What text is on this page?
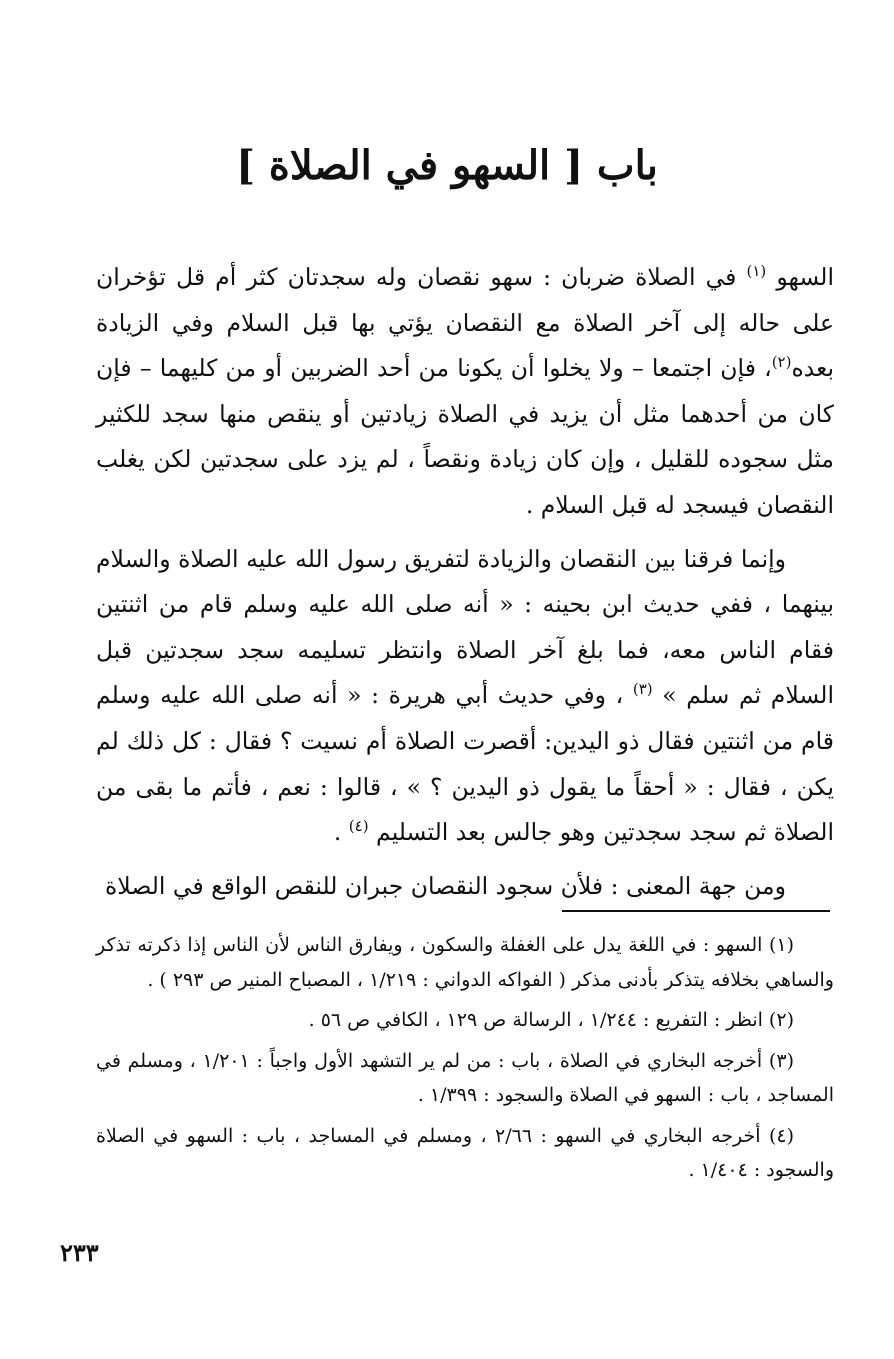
باب [ السهو في الصلاة ]

السهو $^{(١)}$ في الصلاة ضربان : سهو نقصان وله سجدتان كثر أم قل تؤخران على حاله إلى آخر الصلاة مع النقصان يؤتي بها قبل السلام وفي الزيادة بعده$^{(٢)}$، فإن اجتمعا – ولا يخلوا أن يكونا من أحد الضربين أو من كليهما – فإن كان من أحدهما مثل أن يزيد في الصلاة زيادتين أو ينقص منها سجد للكثير مثل سجوده للقليل ، وإن كان زيادة ونقصاً ، لم يزد على سجدتين لكن يغلب النقصان فيسجد له قبل السلام .

وإنما فرقنا بين النقصان والزيادة لتفريق رسول الله عليه الصلاة والسلام بينهما ، ففي حديث ابن بحينه : « أنه صلى الله عليه وسلم قام من اثنتين فقام الناس معه، فما بلغ آخر الصلاة وانتظر تسليمه سجد سجدتين قبل السلام ثم سلم » $^{(٣)}$ ، وفي حديث أبي هريرة : « أنه صلى الله عليه وسلم قام من اثنتين فقال ذو اليدين: أقصرت الصلاة أم نسيت ؟ فقال : كل ذلك لم يكن ، فقال : « أحقاً ما يقول ذو اليدين ؟ » ، قالوا : نعم ، فأتم ما بقى من الصلاة ثم سجد سجدتين وهو جالس بعد التسليم $^{(٤)}$ .

ومن جهة المعنى : فلأن سجود النقصان جبران للنقص الواقع في الصلاة

(١) السهو : في اللغة يدل على الغفلة والسكون ، ويفارق الناس لأن الناس إذا ذكرته تذكر والساهي بخلافه يتذكر بأدنى مذكر ( الفواكه الدواني : ١/٢١٩ ، المصباح المنير ص ٢٩٣ ) .

(٢) انظر : التفريع : ١/٢٤٤ ، الرسالة ص ١٢٩ ، الكافي ص ٥٦ .

(٣) أخرجه البخاري في الصلاة ، باب : من لم ير التشهد الأول واجباً : ١/٢٠١ ، ومسلم في المساجد ، باب : السهو في الصلاة والسجود : ١/٣٩٩ .

(٤) أخرجه البخاري في السهو : ٢/٦٦ ، ومسلم في المساجد ، باب : السهو في الصلاة والسجود : ١/٤٠٤ .

٢٣٣
